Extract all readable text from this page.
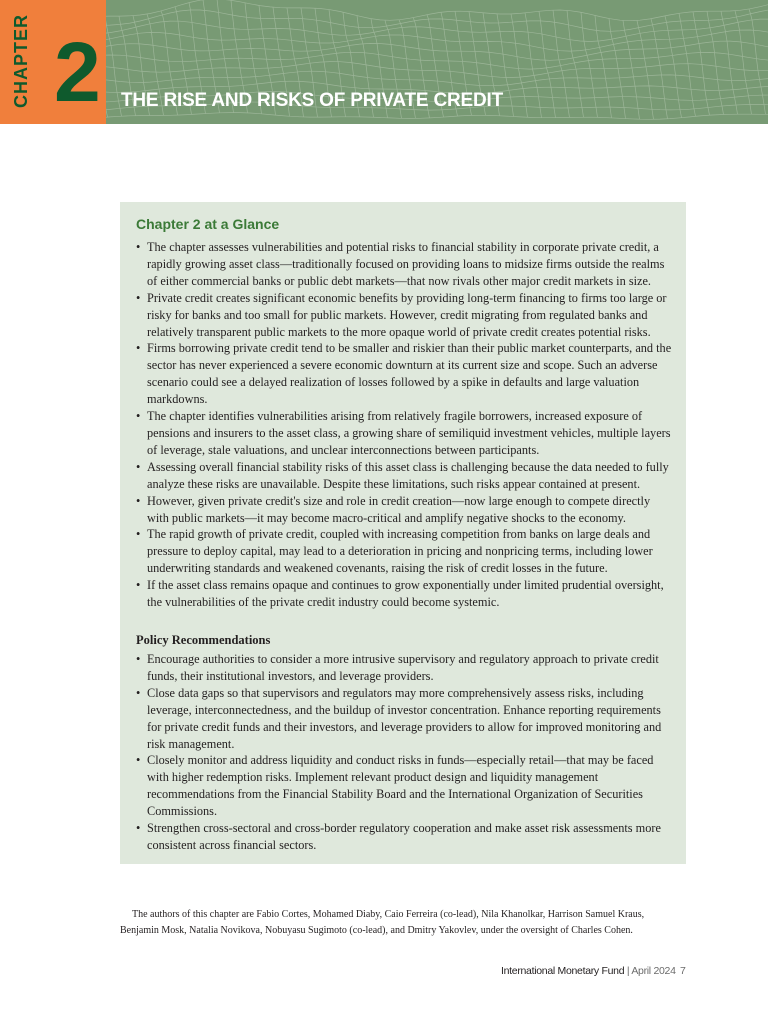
CHAPTER 2 THE RISE AND RISKS OF PRIVATE CREDIT
Chapter 2 at a Glance
• The chapter assesses vulnerabilities and potential risks to financial stability in corporate private credit, a rapidly growing asset class—traditionally focused on providing loans to midsize firms outside the realms of either commercial banks or public debt markets—that now rivals other major credit markets in size.
• Private credit creates significant economic benefits by providing long-term financing to firms too large or risky for banks and too small for public markets. However, credit migrating from regulated banks and relatively transparent public markets to the more opaque world of private credit creates potential risks.
• Firms borrowing private credit tend to be smaller and riskier than their public market counterparts, and the sector has never experienced a severe economic downturn at its current size and scope. Such an adverse scenario could see a delayed realization of losses followed by a spike in defaults and large valuation markdowns.
• The chapter identifies vulnerabilities arising from relatively fragile borrowers, increased exposure of pensions and insurers to the asset class, a growing share of semiliquid investment vehicles, multiple layers of leverage, stale valuations, and unclear interconnections between participants.
• Assessing overall financial stability risks of this asset class is challenging because the data needed to fully analyze these risks are unavailable. Despite these limitations, such risks appear contained at present.
• However, given private credit's size and role in credit creation—now large enough to compete directly with public markets—it may become macro-critical and amplify negative shocks to the economy.
• The rapid growth of private credit, coupled with increasing competition from banks on large deals and pressure to deploy capital, may lead to a deterioration in pricing and nonpricing terms, including lower underwriting standards and weakened covenants, raising the risk of credit losses in the future.
• If the asset class remains opaque and continues to grow exponentially under limited prudential oversight, the vulnerabilities of the private credit industry could become systemic.
Policy Recommendations
• Encourage authorities to consider a more intrusive supervisory and regulatory approach to private credit funds, their institutional investors, and leverage providers.
• Close data gaps so that supervisors and regulators may more comprehensively assess risks, including leverage, interconnectedness, and the buildup of investor concentration. Enhance reporting requirements for private credit funds and their investors, and leverage providers to allow for improved monitoring and risk management.
• Closely monitor and address liquidity and conduct risks in funds—especially retail—that may be faced with higher redemption risks. Implement relevant product design and liquidity management recommendations from the Financial Stability Board and the International Organization of Securities Commissions.
• Strengthen cross-sectoral and cross-border regulatory cooperation and make asset risk assessments more consistent across financial sectors.
The authors of this chapter are Fabio Cortes, Mohamed Diaby, Caio Ferreira (co-lead), Nila Khanolkar, Harrison Samuel Kraus, Benjamin Mosk, Natalia Novikova, Nobuyasu Sugimoto (co-lead), and Dmitry Yakovlev, under the oversight of Charles Cohen.
International Monetary Fund | April 2024 7
